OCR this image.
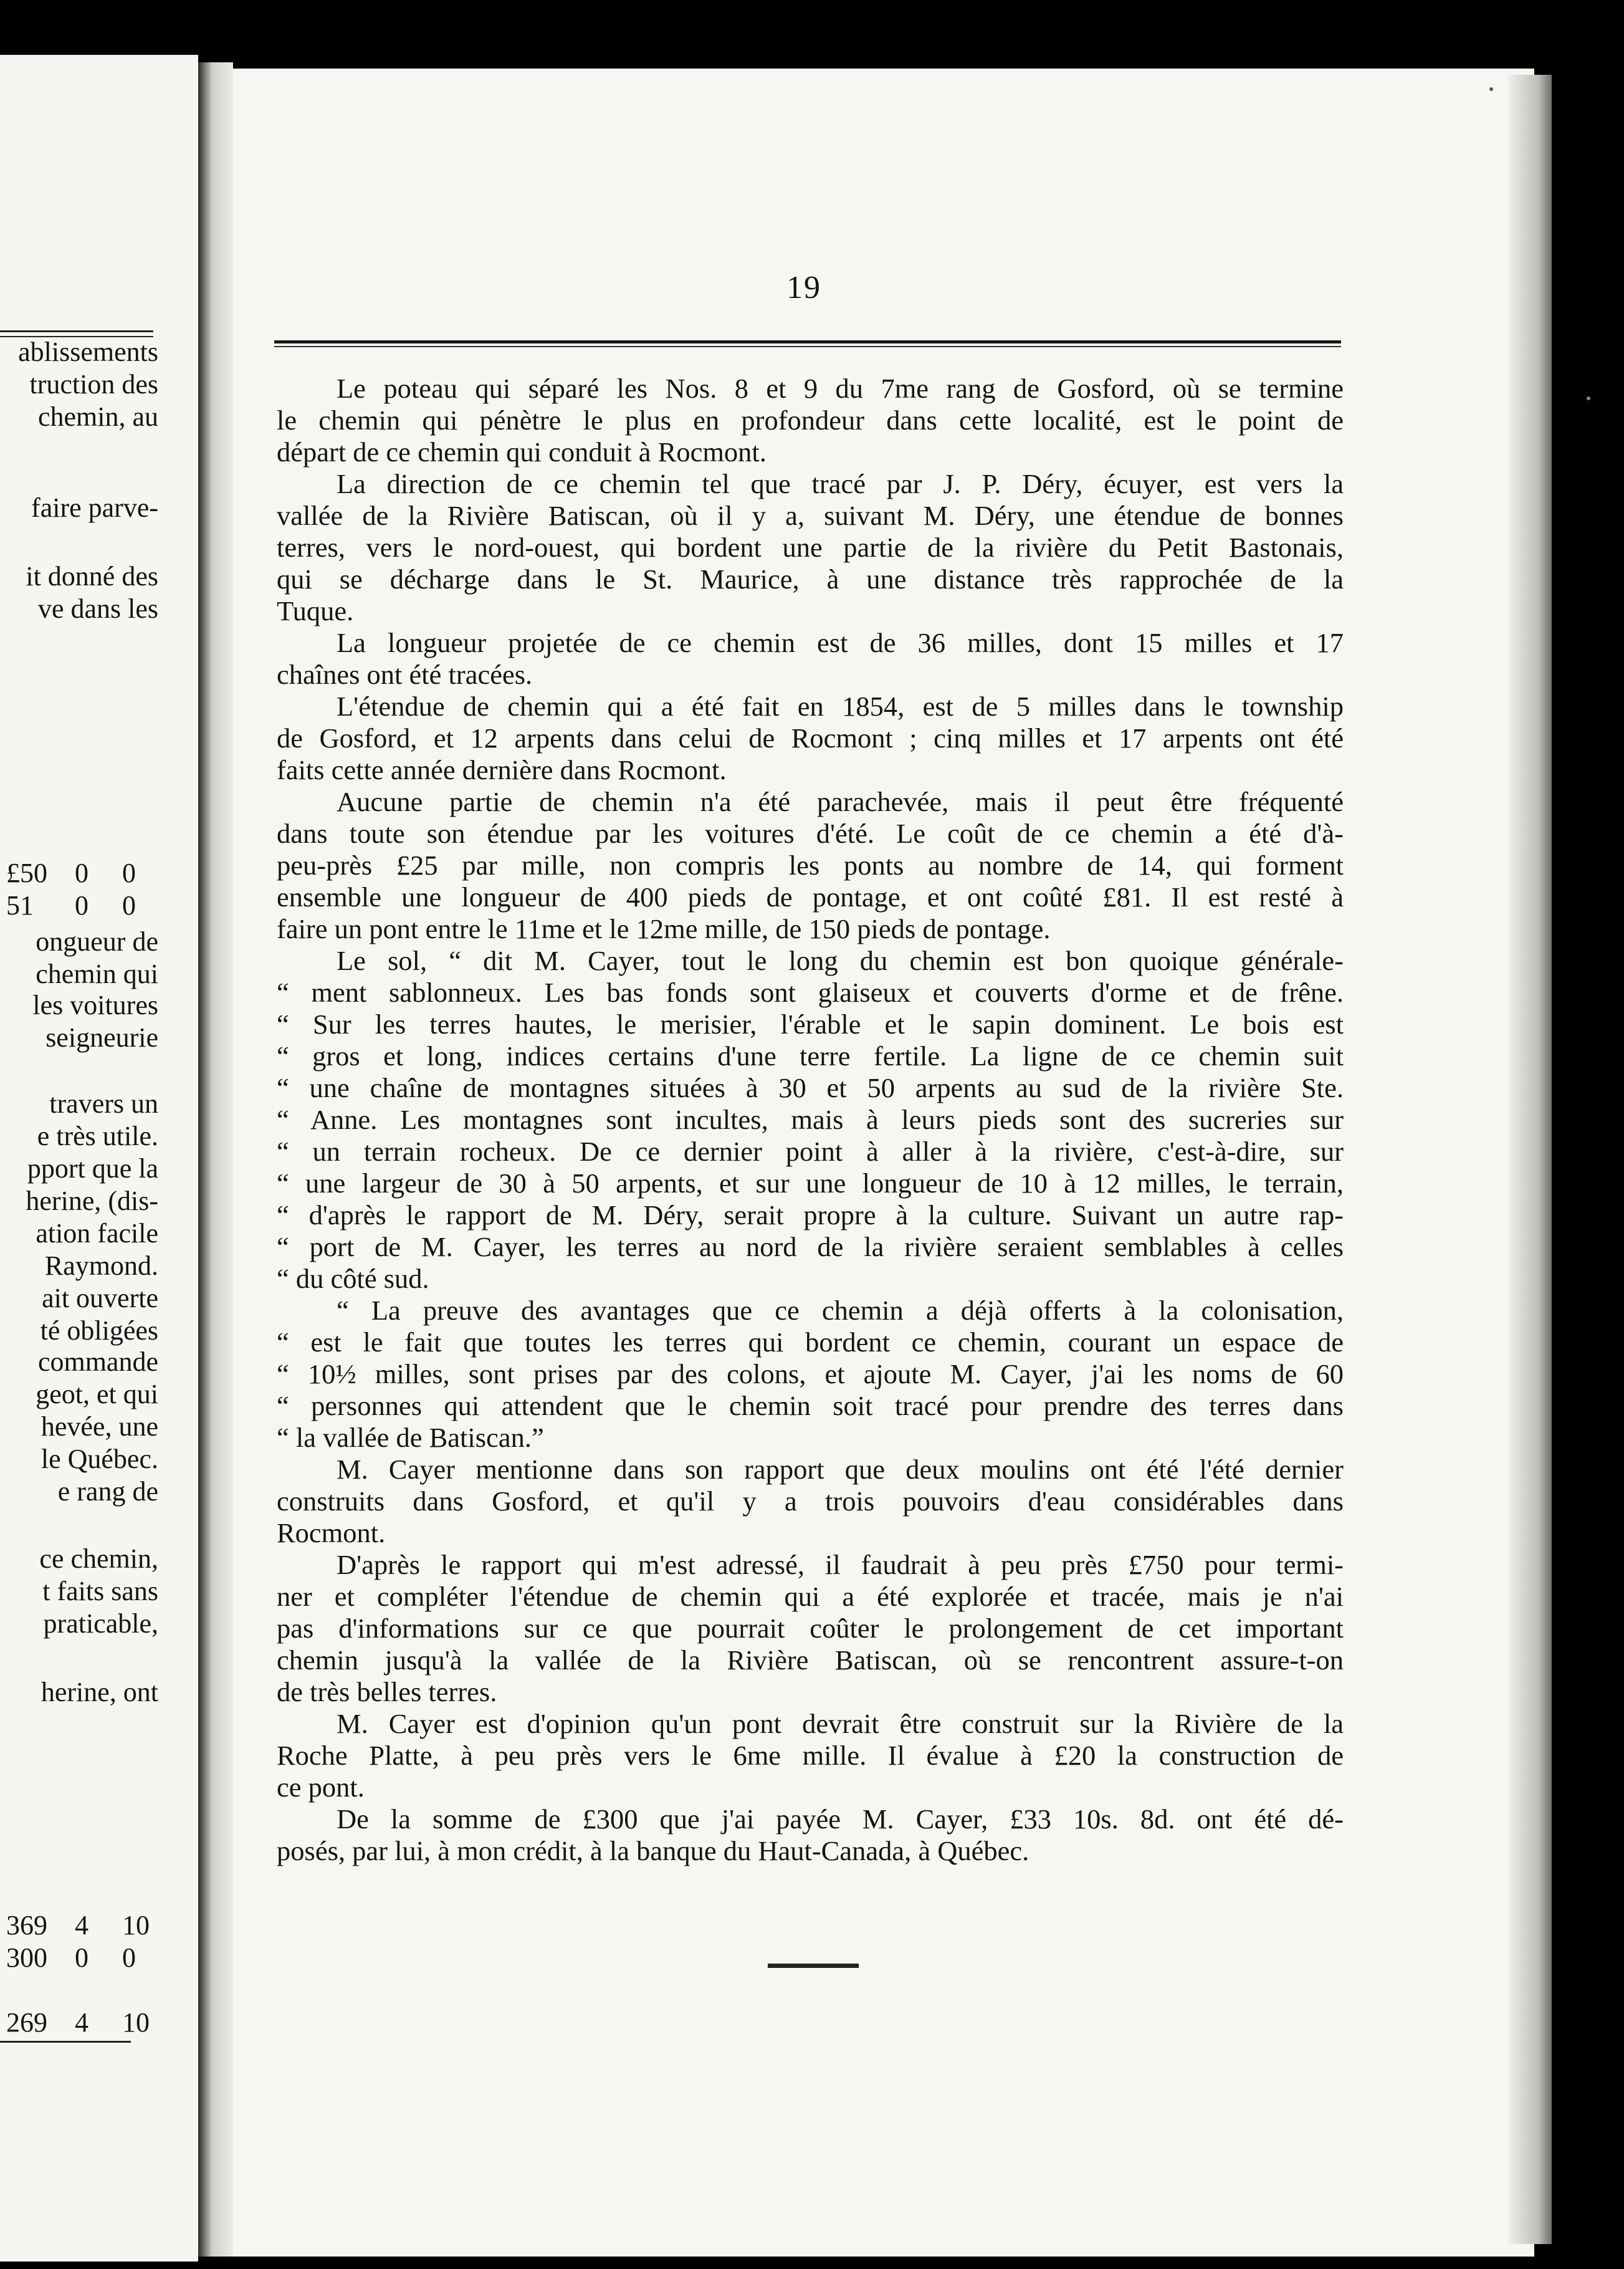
ablissements
truction des
chemin, au
faire parve-
it donné des
ve dans les
ongueur de
chemin qui
les voitures
seigneurie
travers un
e très utile.
pport que la
herine, (dis-
ation facile
Raymond.
ait ouverte
té obligées
commande
geot, et qui
hevée, une
le Québec.
e rang de
ce chemin,
t faits sans
praticable,
herine, ont
£50 0 0
51 0 0
369 4 10
300 0 0
269 4 10
19
Le poteau qui séparé les Nos. 8 et 9 du 7me rang de Gosford, où se termine
le chemin qui pénètre le plus en profondeur dans cette localité, est le point de
départ de ce chemin qui conduit à Rocmont.
La direction de ce chemin tel que tracé par J. P. Déry, écuyer, est vers la
vallée de la Rivière Batiscan, où il y a, suivant M. Déry, une étendue de bonnes
terres, vers le nord-ouest, qui bordent une partie de la rivière du Petit Bastonais,
qui se décharge dans le St. Maurice, à une distance très rapprochée de la
Tuque.
La longueur projetée de ce chemin est de 36 milles, dont 15 milles et 17
chaînes ont été tracées.
L'étendue de chemin qui a été fait en 1854, est de 5 milles dans le township
de Gosford, et 12 arpents dans celui de Rocmont ; cinq milles et 17 arpents ont été
faits cette année dernière dans Rocmont.
Aucune partie de chemin n'a été parachevée, mais il peut être fréquenté
dans toute son étendue par les voitures d'été. Le coût de ce chemin a été d'à-
peu-près £25 par mille, non compris les ponts au nombre de 14, qui forment
ensemble une longueur de 400 pieds de pontage, et ont coûté £81. Il est resté à
faire un pont entre le 11me et le 12me mille, de 150 pieds de pontage.
Le sol, “ dit M. Cayer, tout le long du chemin est bon quoique générale-
“ ment sablonneux. Les bas fonds sont glaiseux et couverts d'orme et de frêne.
“ Sur les terres hautes, le merisier, l'érable et le sapin dominent. Le bois est
“ gros et long, indices certains d'une terre fertile. La ligne de ce chemin suit
“ une chaîne de montagnes situées à 30 et 50 arpents au sud de la rivière Ste.
“ Anne. Les montagnes sont incultes, mais à leurs pieds sont des sucreries sur
“ un terrain rocheux. De ce dernier point à aller à la rivière, c'est-à-dire, sur
“ une largeur de 30 à 50 arpents, et sur une longueur de 10 à 12 milles, le terrain,
“ d'après le rapport de M. Déry, serait propre à la culture. Suivant un autre rap-
“ port de M. Cayer, les terres au nord de la rivière seraient semblables à celles
“ du côté sud.
“ La preuve des avantages que ce chemin a déjà offerts à la colonisation,
“ est le fait que toutes les terres qui bordent ce chemin, courant un espace de
“ 10½ milles, sont prises par des colons, et ajoute M. Cayer, j'ai les noms de 60
“ personnes qui attendent que le chemin soit tracé pour prendre des terres dans
“ la vallée de Batiscan.”
M. Cayer mentionne dans son rapport que deux moulins ont été l'été dernier
construits dans Gosford, et qu'il y a trois pouvoirs d'eau considérables dans
Rocmont.
D'après le rapport qui m'est adressé, il faudrait à peu près £750 pour termi-
ner et compléter l'étendue de chemin qui a été explorée et tracée, mais je n'ai
pas d'informations sur ce que pourrait coûter le prolongement de cet important
chemin jusqu'à la vallée de la Rivière Batiscan, où se rencontrent assure-t-on
de très belles terres.
M. Cayer est d'opinion qu'un pont devrait être construit sur la Rivière de la
Roche Platte, à peu près vers le 6me mille. Il évalue à £20 la construction de
ce pont.
De la somme de £300 que j'ai payée M. Cayer, £33 10s. 8d. ont été dé-
posés, par lui, à mon crédit, à la banque du Haut-Canada, à Québec.
